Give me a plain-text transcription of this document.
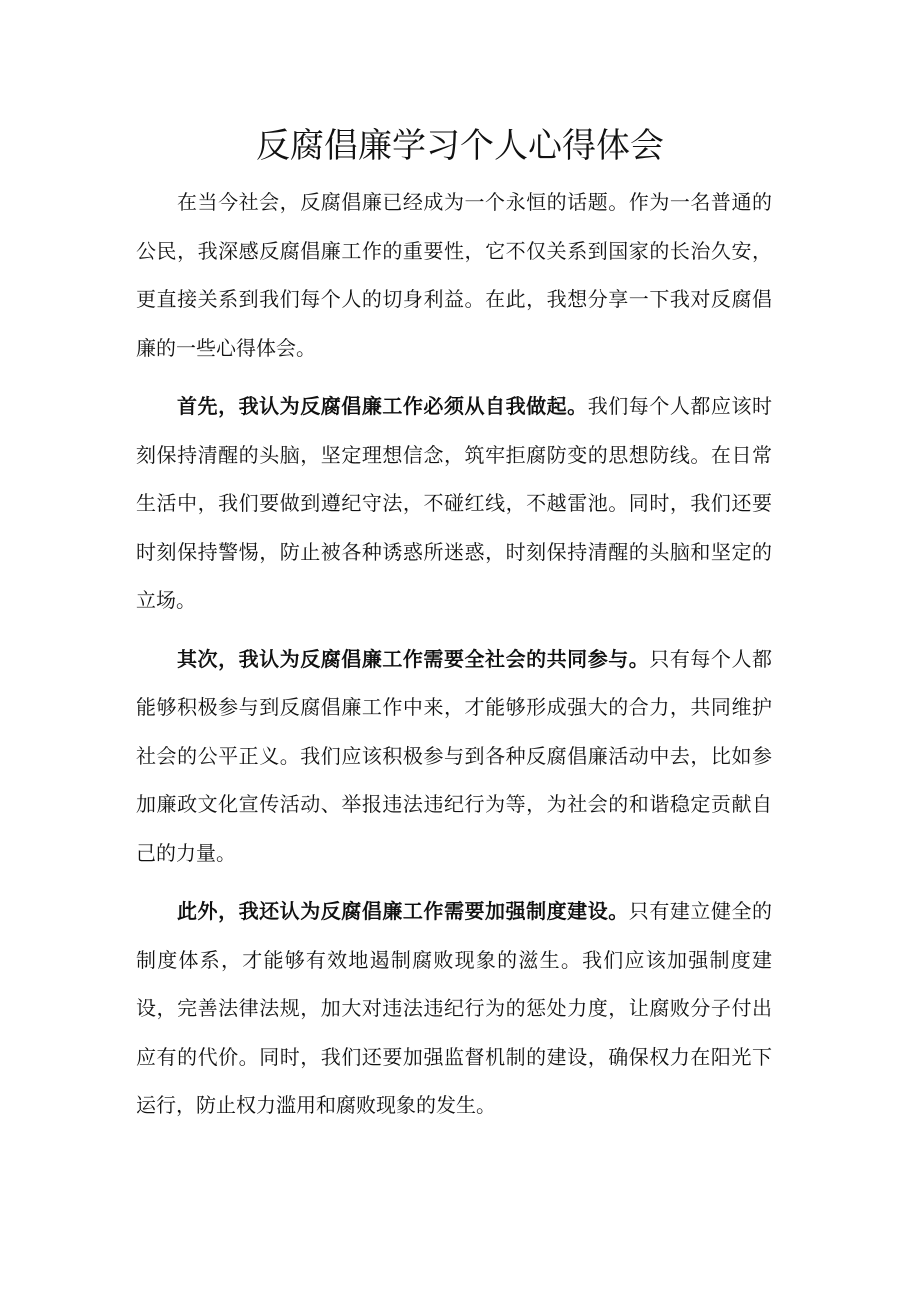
反腐倡廉学习个人心得体会

在当今社会，反腐倡廉已经成为一个永恒的话题。作为一名普通的公民，我深感反腐倡廉工作的重要性，它不仅关系到国家的长治久安，更直接关系到我们每个人的切身利益。在此，我想分享一下我对反腐倡廉的一些心得体会。

首先，我认为反腐倡廉工作必须从自我做起。我们每个人都应该时刻保持清醒的头脑，坚定理想信念，筑牢拒腐防变的思想防线。在日常生活中，我们要做到遵纪守法，不碰红线，不越雷池。同时，我们还要时刻保持警惕，防止被各种诱惑所迷惑，时刻保持清醒的头脑和坚定的立场。

其次，我认为反腐倡廉工作需要全社会的共同参与。只有每个人都能够积极参与到反腐倡廉工作中来，才能够形成强大的合力，共同维护社会的公平正义。我们应该积极参与到各种反腐倡廉活动中去，比如参加廉政文化宣传活动、举报违法违纪行为等，为社会的和谐稳定贡献自己的力量。

此外，我还认为反腐倡廉工作需要加强制度建设。只有建立健全的制度体系，才能够有效地遏制腐败现象的滋生。我们应该加强制度建设，完善法律法规，加大对违法违纪行为的惩处力度，让腐败分子付出应有的代价。同时，我们还要加强监督机制的建设，确保权力在阳光下运行，防止权力滥用和腐败现象的发生。
